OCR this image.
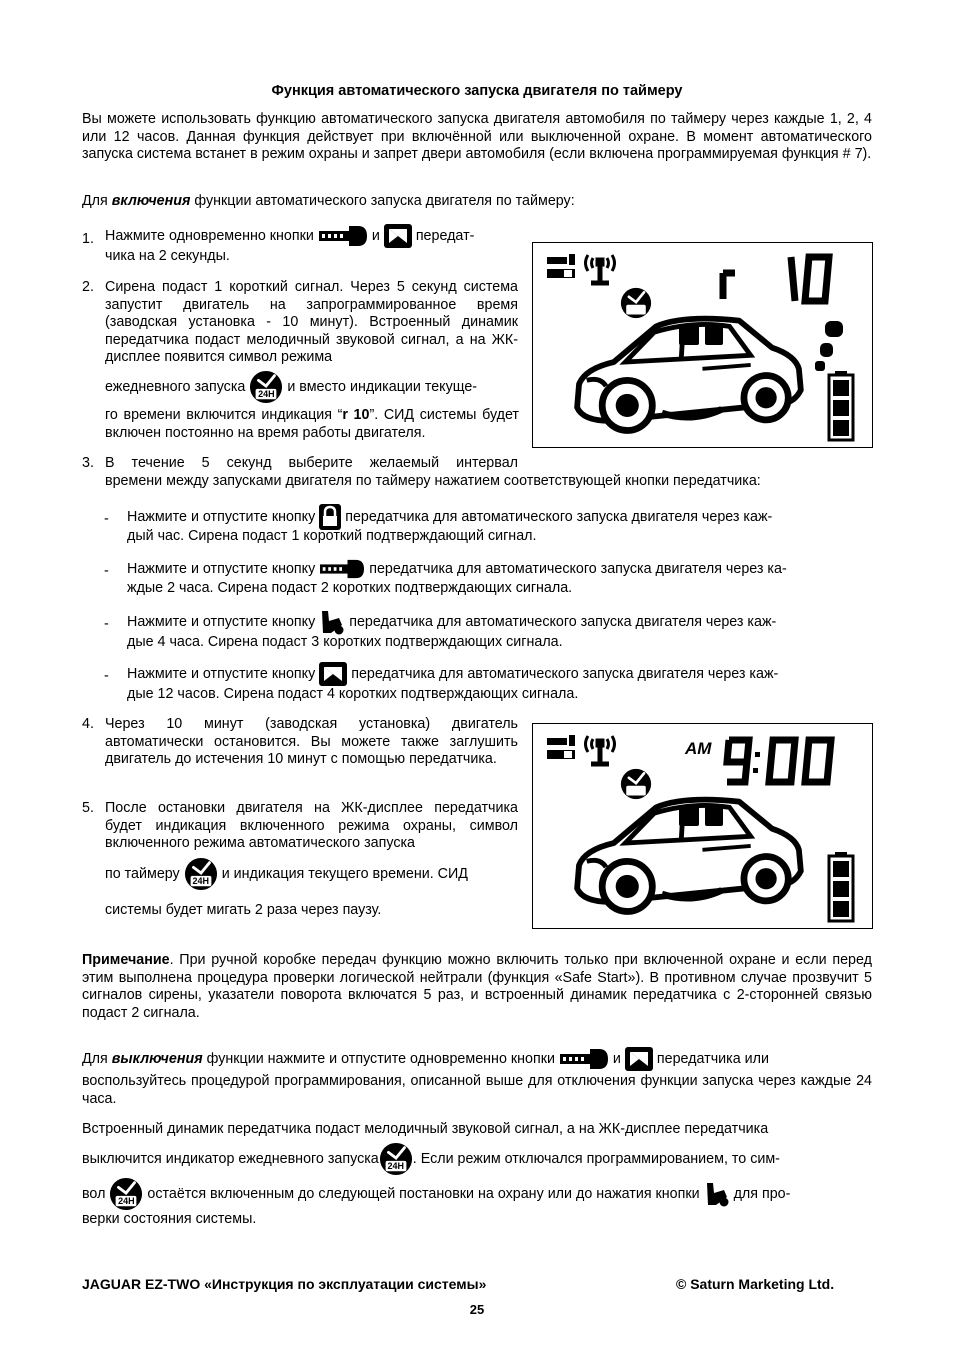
Функция автоматического запуска двигателя по таймеру

Вы можете использовать функцию автоматического запуска двигателя автомобиля по таймеру через каждые 1, 2, 4 или 12 часов. Данная функция действует при включённой или выключенной охране. В момент автоматического запуска система встанет в режим охраны и запрет двери автомобиля (если включена программируемая функция # 7).

Для включения функции автоматического запуска двигателя по таймеру:

1. Нажмите одновременно кнопки	и	передат-
чика на 2 секунды.
2. Сирена подаст 1 короткий сигнал. Через 5 секунд система запустит двигатель на запрограммированное время (заводская установка - 10 минут). Встроенный динамик передатчика подаст мелодичный звуковой сигнал, а на ЖК-дисплее появится символ режима

ежедневного запуска	24H и вместо индикации текуще-
го времени включится индикация “r 10”. СИД системы будет включен постоянно на время работы двигателя.
3. В течение 5 секунд выберите желаемый интервал

времени между запусками двигателя по таймеру нажатием соответствующей кнопки передатчика:

- Нажмите и отпустите кнопку передатчика для автоматического запуска двигателя через каж-
дый час. Сирена подаст 1 короткий подтверждающий сигнал.
- Нажмите и отпустите кнопку	передатчика для автоматического запуска двигателя через ка-
ждые 2 часа. Сирена подаст 2 коротких подтверждающих сигнала.
- Нажмите и отпустите кнопку передатчика для автоматического запуска двигателя через каж-
дые 4 часа. Сирена подаст 3 коротких подтверждающих сигнала.
- Нажмите и отпустите кнопку	передатчика для автоматического запуска двигателя через каж-
дые 12 часов. Сирена подаст 4 коротких подтверждающих сигнала.
4. Через 10 минут (заводская установка) двигатель автоматически остановится. Вы можете также заглушить двигатель до истечения 10 минут с помощью передатчика.

5. После остановки двигателя на ЖК-дисплее передатчика будет индикация включенного режима охраны, символ включенного режима автоматического запуска

по таймеру	24H и индикация текущего времени. СИД системы будет мигать 2 раза через паузу.
AM

Примечание. При ручной коробке передач функцию можно включить только при включенной охране и если перед этим выполнена процедура проверки логической нейтрали (функция «Safe Start»). В противном случае прозвучит 5 сигналов сирены, указатели поворота включатся 5 раз, и встроенный динамик передатчика с 2-сторонней связью подаст 2 сигнала.

Для выключения функции нажмите и отпустите одновременно кнопки	и	передатчика или

воспользуйтесь процедурой программирования, описанной выше для отключения функции запуска через каждые 24 часа.

Встроенный динамик передатчика подаст мелодичный звуковой сигнал, а на ЖК-дисплее передатчика

выключится индикатор ежедневного запуска 24H . Если режим отключался программированием, то сим-
вол	24H остаётся включенным до следующей постановки на охрану или до нажатия кнопки для про-

верки состояния системы.

JAGUAR EZ-TWO «Инструкция по эксплуатации системы»	© Saturn Marketing Ltd.
25
